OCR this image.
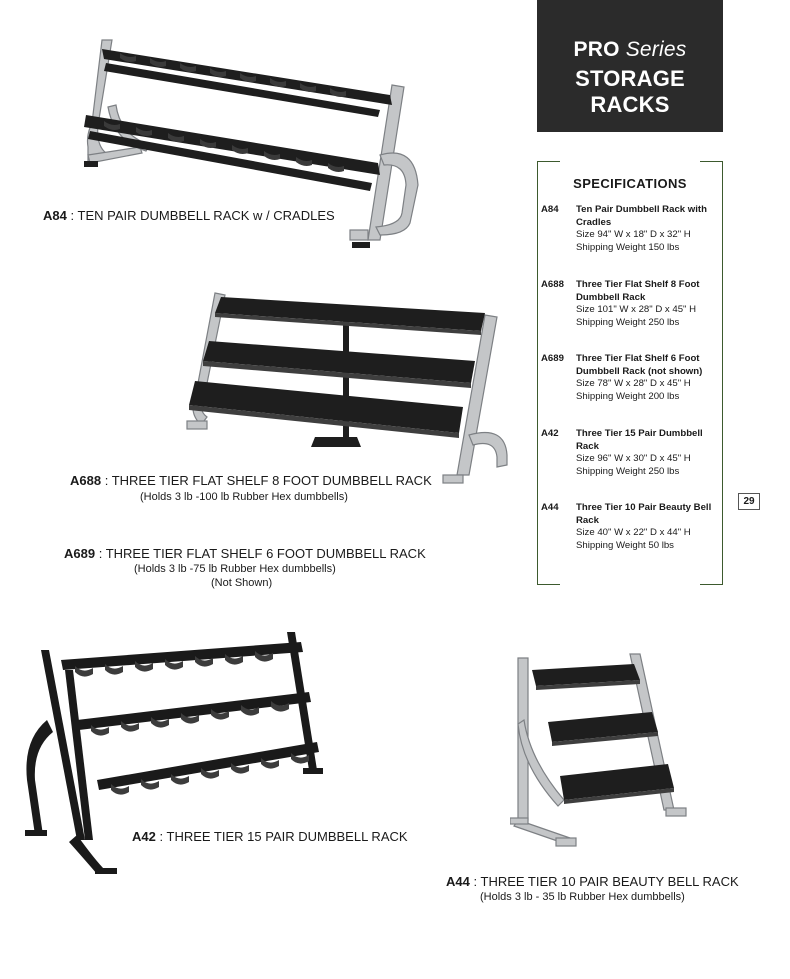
PRO Series
STORAGE RACKS
SPECIFICATIONS
A84 Ten Pair Dumbbell Rack with Cradles
Size 94" W x 18" D x 32" H
Shipping Weight 150 lbs
A688 Three Tier Flat Shelf 8 Foot Dumbbell Rack
Size 101" W x 28" D x 45" H
Shipping Weight 250 lbs
A689 Three Tier Flat Shelf 6 Foot Dumbbell Rack (not shown)
Size 78" W x 28" D x 45" H
Shipping Weight 200 lbs
A42 Three Tier 15 Pair Dumbbell Rack
Size 96" W x 30" D x 45" H
Shipping Weight 250 lbs
A44 Three Tier 10 Pair Beauty Bell Rack
Size 40" W x 22" D x 44" H
Shipping Weight 50 lbs
29
A84 : TEN PAIR DUMBBELL RACK w / CRADLES
A688 : THREE TIER FLAT SHELF 8 FOOT DUMBBELL RACK
(Holds 3 lb -100 lb Rubber Hex dumbbells)
A689 : THREE TIER FLAT SHELF 6 FOOT DUMBBELL RACK
(Holds 3 lb -75 lb Rubber Hex dumbbells)
(Not Shown)
A42 : THREE TIER 15 PAIR DUMBBELL RACK
A44 : THREE TIER 10 PAIR BEAUTY BELL RACK
(Holds 3 lb - 35 lb Rubber Hex dumbbells)
